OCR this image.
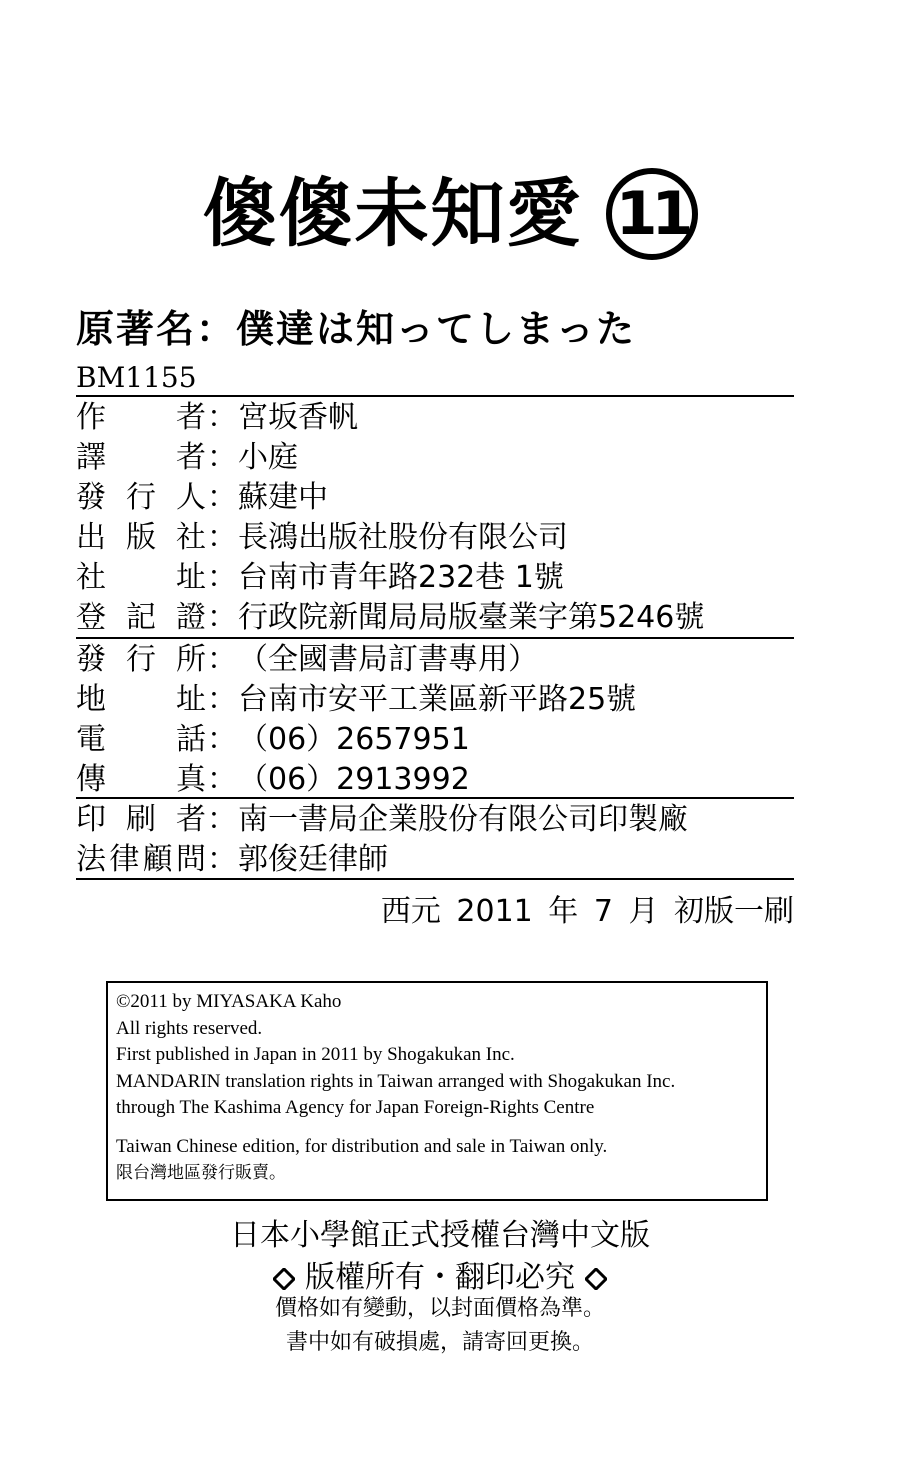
傻傻未知愛 11
原著名：僕達は知ってしまった
BM1155
作者：宮坂香帆
譯者：小庭
發行人：蘇建中
出版社：長鴻出版社股份有限公司
社址：台南市青年路232巷 1號
登記證：行政院新聞局局版臺業字第5246號
發行所：（全國書局訂書專用）
地址：台南市安平工業區新平路25號
電話：（06）2657951
傳真：（06）2913992
印刷者：南一書局企業股份有限公司印製廠
法律顧問：郭俊廷律師
西元 2011 年 7 月 初版一刷
©2011 by MIYASAKA Kaho
All rights reserved.
First published in Japan in 2011 by Shogakukan Inc.
MANDARIN translation rights in Taiwan arranged with Shogakukan Inc.
through The Kashima Agency for Japan Foreign-Rights Centre
Taiwan Chinese edition, for distribution and sale in Taiwan only.
限台灣地區發行販賣。
日本小學館正式授權台灣中文版
版權所有・翻印必究
價格如有變動，以封面價格為準。
書中如有破損處，請寄回更換。
